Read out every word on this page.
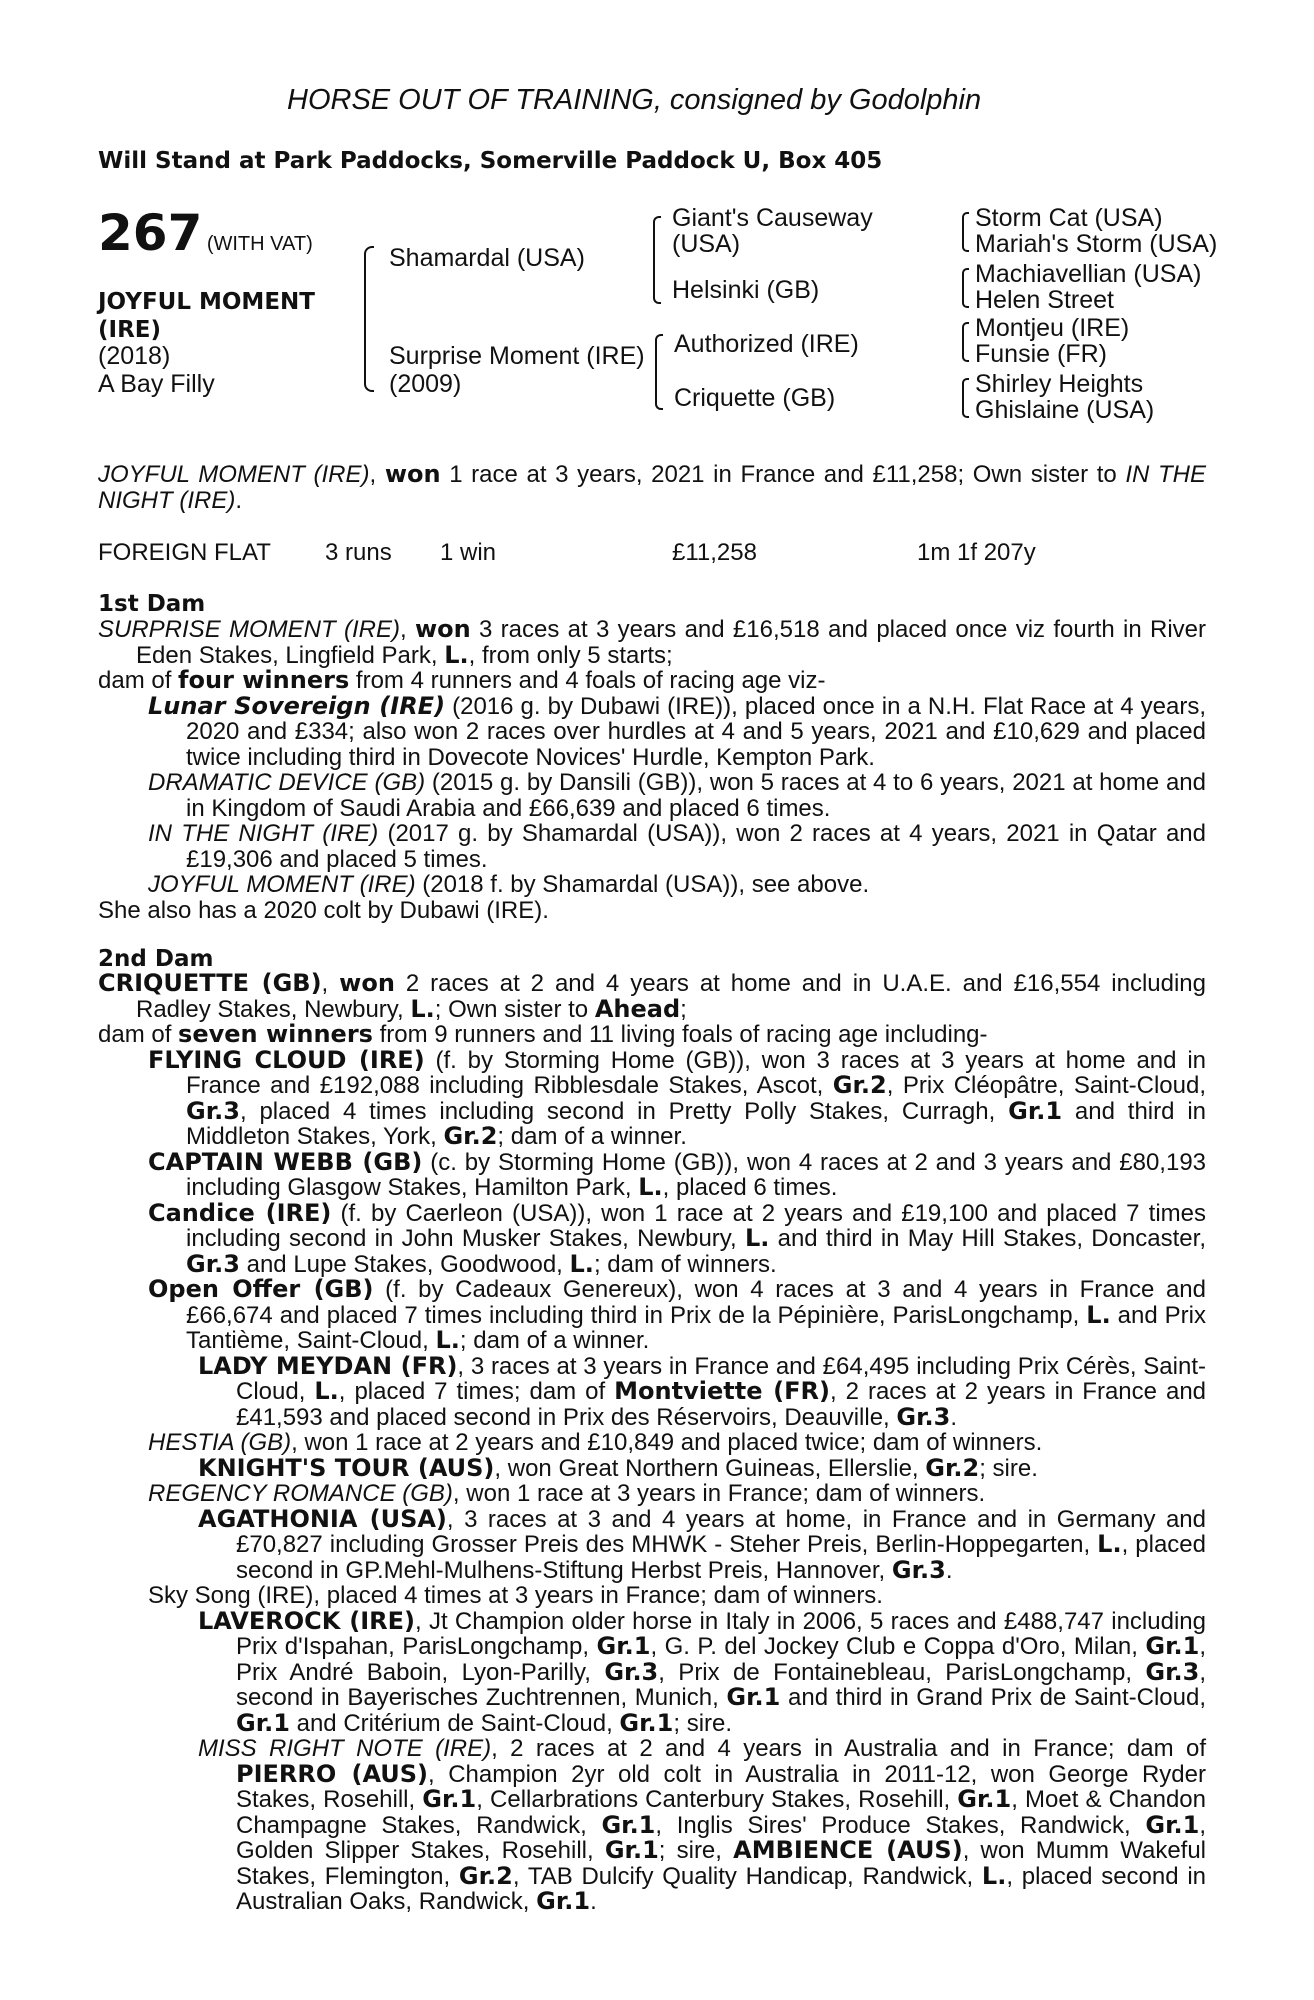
HORSE OUT OF TRAINING, consigned by Godolphin
Will Stand at Park Paddocks, Somerville Paddock U, Box 405
267 (WITH VAT)
JOYFUL MOMENT
(IRE)
(2018)
A Bay Filly
Shamardal (USA)
Surprise Moment (IRE)
(2009)
Giant's Causeway
(USA)
Helsinki (GB)
Authorized (IRE)
Criquette (GB)
Storm Cat (USA)
Mariah's Storm (USA)
Machiavellian (USA)
Helen Street
Montjeu (IRE)
Funsie (FR)
Shirley Heights
Ghislaine (USA)
JOYFUL MOMENT (IRE), won 1 race at 3 years, 2021 in France and £11,258; Own sister to IN THE NIGHT (IRE).
FOREIGN FLAT 3 runs 1 win	£11,258	1m 1f 207y
1st Dam
SURPRISE MOMENT (IRE), won 3 races at 3 years and £16,518 and placed once viz fourth in River Eden Stakes, Lingfield Park, L., from only 5 starts;
dam of four winners from 4 runners and 4 foals of racing age viz-
Lunar Sovereign (IRE) (2016 g. by Dubawi (IRE)), placed once in a N.H. Flat Race at 4 years, 2020 and £334; also won 2 races over hurdles at 4 and 5 years, 2021 and £10,629 and placed twice including third in Dovecote Novices' Hurdle, Kempton Park.
DRAMATIC DEVICE (GB) (2015 g. by Dansili (GB)), won 5 races at 4 to 6 years, 2021 at home and in Kingdom of Saudi Arabia and £66,639 and placed 6 times.
IN THE NIGHT (IRE) (2017 g. by Shamardal (USA)), won 2 races at 4 years, 2021 in Qatar and £19,306 and placed 5 times.
JOYFUL MOMENT (IRE) (2018 f. by Shamardal (USA)), see above.
She also has a 2020 colt by Dubawi (IRE).
2nd Dam
CRIQUETTE (GB), won 2 races at 2 and 4 years at home and in U.A.E. and £16,554 including Radley Stakes, Newbury, L.; Own sister to Ahead;
dam of seven winners from 9 runners and 11 living foals of racing age including-
FLYING CLOUD (IRE) (f. by Storming Home (GB)), won 3 races at 3 years at home and in France and £192,088 including Ribblesdale Stakes, Ascot, Gr.2, Prix Cléopâtre, Saint-Cloud, Gr.3, placed 4 times including second in Pretty Polly Stakes, Curragh, Gr.1 and third in Middleton Stakes, York, Gr.2; dam of a winner.
CAPTAIN WEBB (GB) (c. by Storming Home (GB)), won 4 races at 2 and 3 years and £80,193 including Glasgow Stakes, Hamilton Park, L., placed 6 times.
Candice (IRE) (f. by Caerleon (USA)), won 1 race at 2 years and £19,100 and placed 7 times including second in John Musker Stakes, Newbury, L. and third in May Hill Stakes, Doncaster, Gr.3 and Lupe Stakes, Goodwood, L.; dam of winners.
Open Offer (GB) (f. by Cadeaux Genereux), won 4 races at 3 and 4 years in France and £66,674 and placed 7 times including third in Prix de la Pépinière, ParisLongchamp, L. and Prix Tantième, Saint-Cloud, L.; dam of a winner.
LADY MEYDAN (FR), 3 races at 3 years in France and £64,495 including Prix Cérès, Saint-Cloud, L., placed 7 times; dam of Montviette (FR), 2 races at 2 years in France and £41,593 and placed second in Prix des Réservoirs, Deauville, Gr.3.
HESTIA (GB), won 1 race at 2 years and £10,849 and placed twice; dam of winners.
KNIGHT'S TOUR (AUS), won Great Northern Guineas, Ellerslie, Gr.2; sire.
REGENCY ROMANCE (GB), won 1 race at 3 years in France; dam of winners.
AGATHONIA (USA), 3 races at 3 and 4 years at home, in France and in Germany and £70,827 including Grosser Preis des MHWK - Steher Preis, Berlin-Hoppegarten, L., placed second in GP.Mehl-Mulhens-Stiftung Herbst Preis, Hannover, Gr.3.
Sky Song (IRE), placed 4 times at 3 years in France; dam of winners.
LAVEROCK (IRE), Jt Champion older horse in Italy in 2006, 5 races and £488,747 including Prix d'Ispahan, ParisLongchamp, Gr.1, G. P. del Jockey Club e Coppa d'Oro, Milan, Gr.1, Prix André Baboin, Lyon-Parilly, Gr.3, Prix de Fontainebleau, ParisLongchamp, Gr.3, second in Bayerisches Zuchtrennen, Munich, Gr.1 and third in Grand Prix de Saint-Cloud, Gr.1 and Critérium de Saint-Cloud, Gr.1; sire.
MISS RIGHT NOTE (IRE), 2 races at 2 and 4 years in Australia and in France; dam of PIERRO (AUS), Champion 2yr old colt in Australia in 2011-12, won George Ryder Stakes, Rosehill, Gr.1, Cellarbrations Canterbury Stakes, Rosehill, Gr.1, Moet & Chandon Champagne Stakes, Randwick, Gr.1, Inglis Sires' Produce Stakes, Randwick, Gr.1, Golden Slipper Stakes, Rosehill, Gr.1; sire, AMBIENCE (AUS), won Mumm Wakeful Stakes, Flemington, Gr.2, TAB Dulcify Quality Handicap, Randwick, L., placed second in Australian Oaks, Randwick, Gr.1.
